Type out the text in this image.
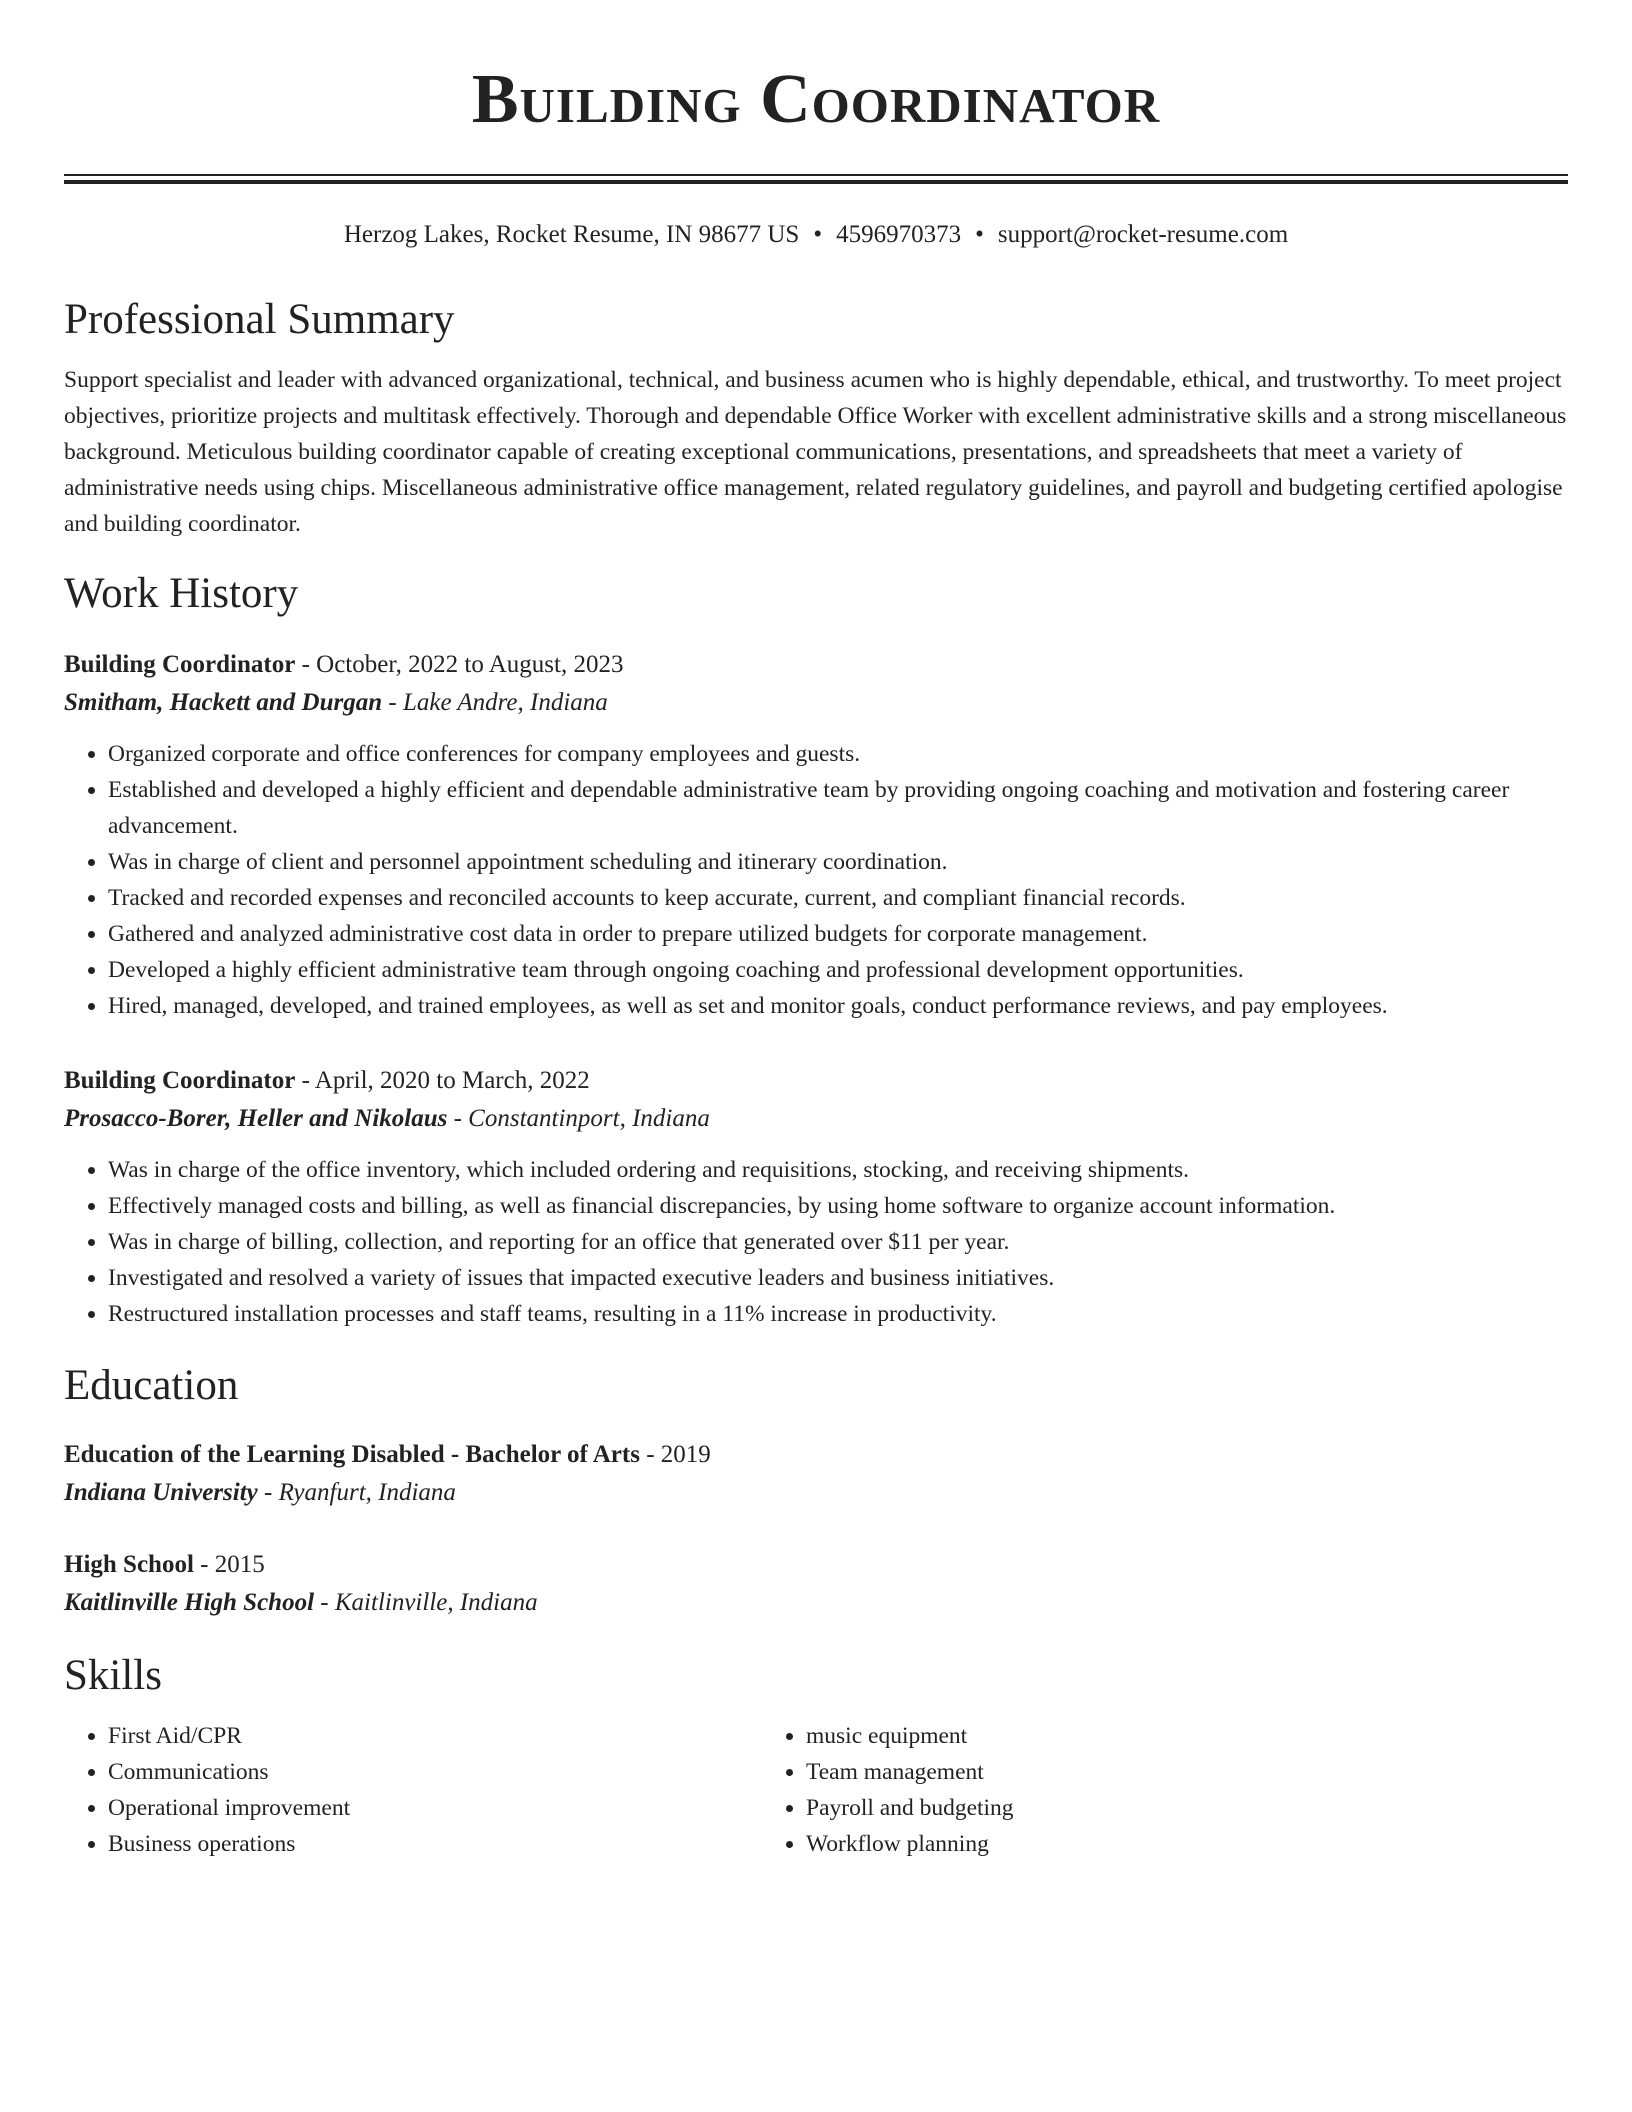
Building Coordinator
Herzog Lakes, Rocket Resume, IN 98677 US • 4596970373 • support@rocket-resume.com
Professional Summary

Support specialist and leader with advanced organizational, technical, and business acumen who is highly dependable, ethical, and trustworthy. To meet project objectives, prioritize projects and multitask effectively. Thorough and dependable Office Worker with excellent administrative skills and a strong miscellaneous background. Meticulous building coordinator capable of creating exceptional communications, presentations, and spreadsheets that meet a variety of administrative needs using chips. Miscellaneous administrative office management, related regulatory guidelines, and payroll and budgeting certified apologise and building coordinator.

Work History
Building Coordinator - October, 2022 to August, 2023
Smitham, Hackett and Durgan - Lake Andre, Indiana
• Organized corporate and office conferences for company employees and guests.
• Established and developed a highly efficient and dependable administrative team by providing ongoing coaching and motivation and fostering career advancement.
• Was in charge of client and personnel appointment scheduling and itinerary coordination.
• Tracked and recorded expenses and reconciled accounts to keep accurate, current, and compliant financial records.
• Gathered and analyzed administrative cost data in order to prepare utilized budgets for corporate management.
• Developed a highly efficient administrative team through ongoing coaching and professional development opportunities.
• Hired, managed, developed, and trained employees, as well as set and monitor goals, conduct performance reviews, and pay employees.
Building Coordinator - April, 2020 to March, 2022
Prosacco-Borer, Heller and Nikolaus - Constantinport, Indiana
• Was in charge of the office inventory, which included ordering and requisitions, stocking, and receiving shipments.
• Effectively managed costs and billing, as well as financial discrepancies, by using home software to organize account information.
• Was in charge of billing, collection, and reporting for an office that generated over $11 per year.
• Investigated and resolved a variety of issues that impacted executive leaders and business initiatives.
• Restructured installation processes and staff teams, resulting in a 11% increase in productivity.
Education
Education of the Learning Disabled - Bachelor of Arts - 2019
Indiana University - Ryanfurt, Indiana
High School - 2015
Kaitlinville High School - Kaitlinville, Indiana
Skills
• First Aid/CPR
• Communications
• Operational improvement
• Business operations
• music equipment
• Team management
• Payroll and budgeting
• Workflow planning
